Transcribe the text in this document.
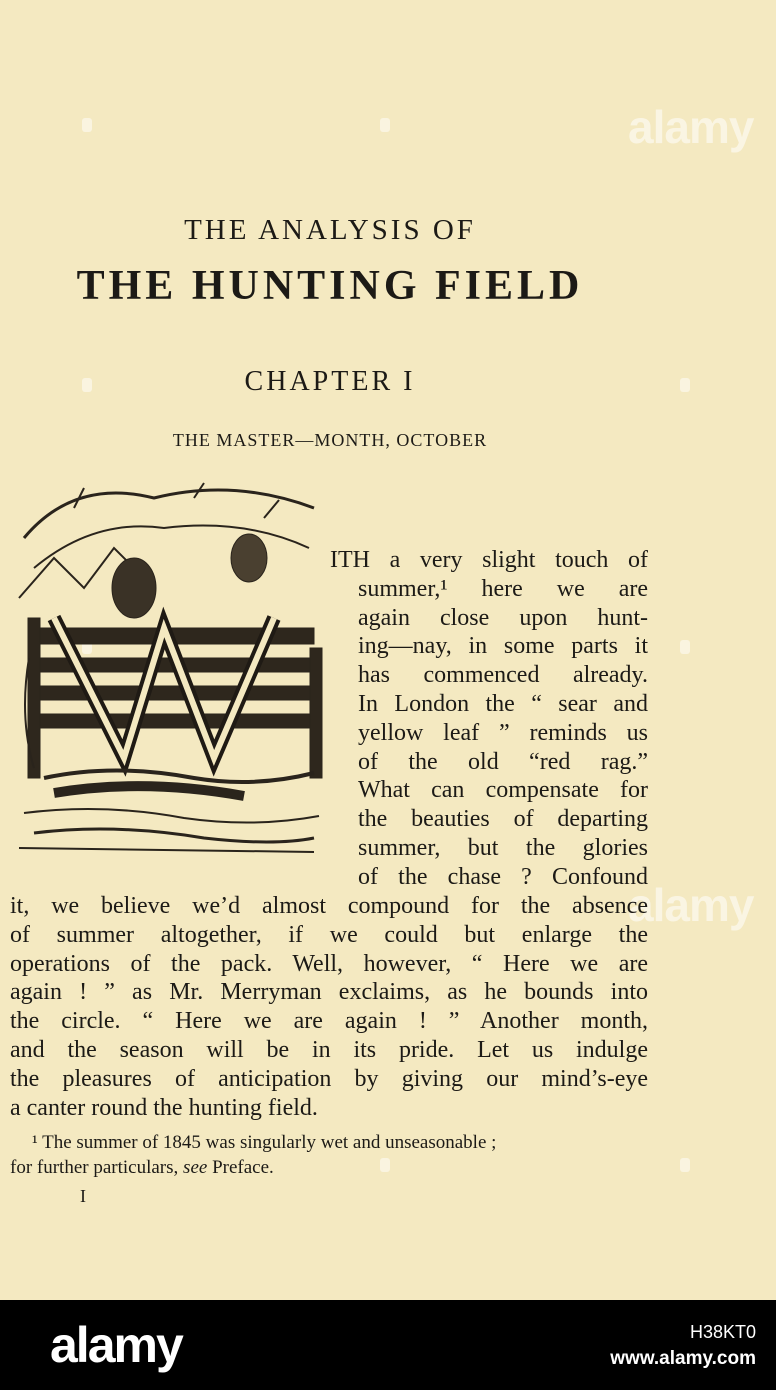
alamy
alamy
THE ANALYSIS OF
THE HUNTING FIELD
CHAPTER I
THE MASTER—MONTH, OCTOBER
ITH a very slight touch of
summer,¹ here we are
again close upon hunt-
ing—nay, in some parts it
has commenced already.
In London the “ sear and
yellow leaf ” reminds us
of the old “red rag.”
What can compensate for
the beauties of departing
summer, but the glories
of the chase ? Confound
it, we believe we’d almost compound for the absence
of summer altogether, if we could but enlarge the
operations of the pack. Well, however, “ Here we are
again ! ” as Mr. Merryman exclaims, as he bounds into
the circle. “ Here we are again ! ” Another month,
and the season will be in its pride. Let us indulge
the pleasures of anticipation by giving our mind’s-eye
a canter round the hunting field.
¹ The summer of 1845 was singularly wet and unseasonable ;
for further particulars, see Preface.
I
alamy	H38KT0
www.alamy.com
